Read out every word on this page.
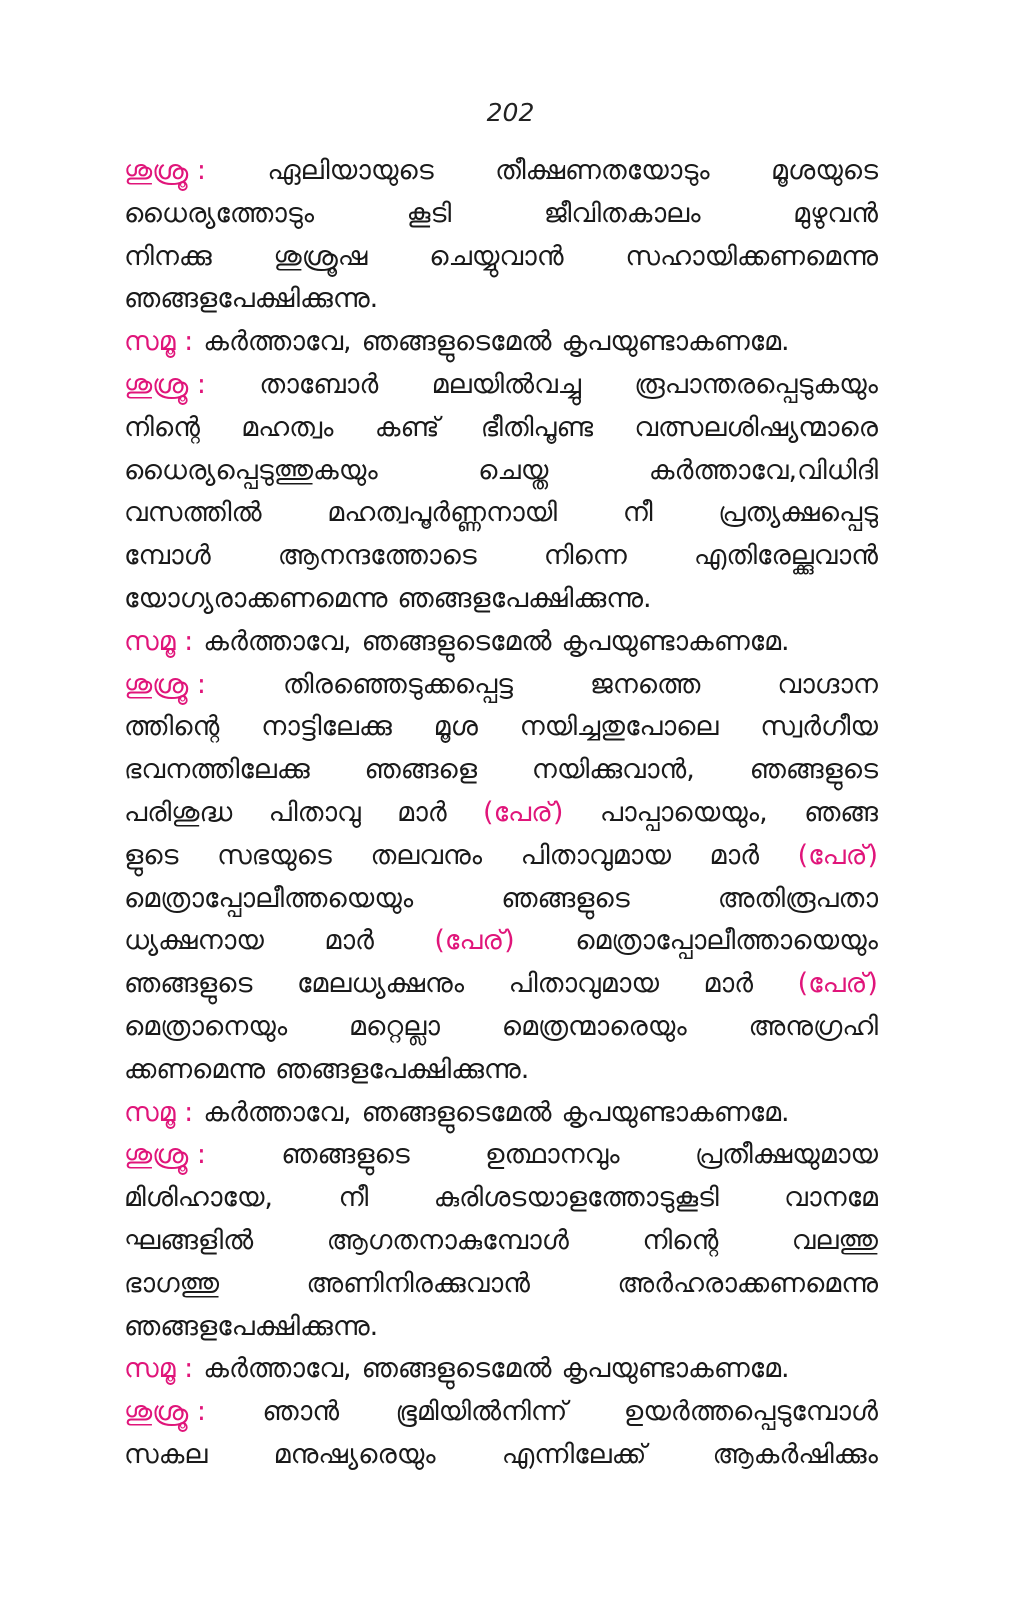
202
ശുശ്രൂ : ഏലിയായുടെ തീക്ഷണതയോടും മൂശയുടെ
ധൈര്യത്തോടും	കൂടി	ജീവിതകാലം	മുഴുവൻ
നിനക്കു ശുശ്രൂഷ ചെയ്യുവാൻ സഹായിക്കണമെന്നു
ഞങ്ങളപേക്ഷിക്കുന്നു.
സമൂ : കർത്താവേ, ഞങ്ങളുടെമേൽ കൃപയുണ്ടാകണമേ.
ശുശ്രൂ : താബോർ മലയിൽവച്ചു രൂപാന്തരപ്പെടുകയും
നിന്റെ മഹത്വം കണ്ട് ഭീതിപൂണ്ട വത്സലശിഷ്യന്മാരെ
ധൈര്യപ്പെടുത്തുകയും	ചെയ്ത	കർത്താവേ,വിധിദി
വസത്തിൽ മഹത്വപൂർണ്ണനായി നീ പ്രത്യക്ഷപ്പെടു
മ്പോൾ ആനന്ദത്തോടെ നിന്നെ എതിരേല്ക്കുവാൻ
യോഗ്യരാക്കണമെന്നു ഞങ്ങളപേക്ഷിക്കുന്നു.
സമൂ : കർത്താവേ, ഞങ്ങളുടെമേൽ കൃപയുണ്ടാകണമേ.
ശുശ്രൂ :	തിരഞ്ഞെടുക്കപ്പെട്ട	ജനത്തെ	വാഗ്ദാന
ത്തിന്റെ നാട്ടിലേക്കു മൂശ നയിച്ചതുപോലെ സ്വർഗീയ
ഭവനത്തിലേക്കു ഞങ്ങളെ നയിക്കുവാൻ, ഞങ്ങളുടെ
പരിശുദ്ധ പിതാവു മാർ (പേര്) പാപ്പായെയും, ഞങ്ങ
ളുടെ സഭയുടെ തലവനും പിതാവുമായ മാർ (പേര്)
മെത്രാപ്പോലീത്തയെയും	ഞങ്ങളുടെ	അതിരൂപതാ
ധ്യക്ഷനായ മാർ (പേര്) മെത്രാപ്പോലീത്തായെയും
ഞങ്ങളുടെ മേലധ്യക്ഷനും പിതാവുമായ മാർ (പേര്)
മെത്രാനെയും മറ്റെല്ലാ മെത്രന്മാരെയും അനുഗ്രഹി
ക്കണമെന്നു ഞങ്ങളപേക്ഷിക്കുന്നു.
സമൂ : കർത്താവേ, ഞങ്ങളുടെമേൽ കൃപയുണ്ടാകണമേ.
ശുശ്രൂ :	ഞങ്ങളുടെ	ഉത്ഥാനവും	പ്രതീക്ഷയുമായ
മിശിഹായേ, നീ കുരിശടയാളത്തോടുകൂടി വാനമേ
ഘങ്ങളിൽ	ആഗതനാകുമ്പോൾ	നിന്റെ	വലത്തു
ഭാഗത്തു	അണിനിരക്കുവാൻ	അർഹരാക്കണമെന്നു
ഞങ്ങളപേക്ഷിക്കുന്നു.
സമൂ : കർത്താവേ, ഞങ്ങളുടെമേൽ കൃപയുണ്ടാകണമേ.
ശുശ്രൂ : ഞാൻ ഭൂമിയിൽനിന്ന് ഉയർത്തപ്പെടുമ്പോൾ
സകല മനുഷ്യരെയും എന്നിലേക്ക് ആകർഷിക്കും
